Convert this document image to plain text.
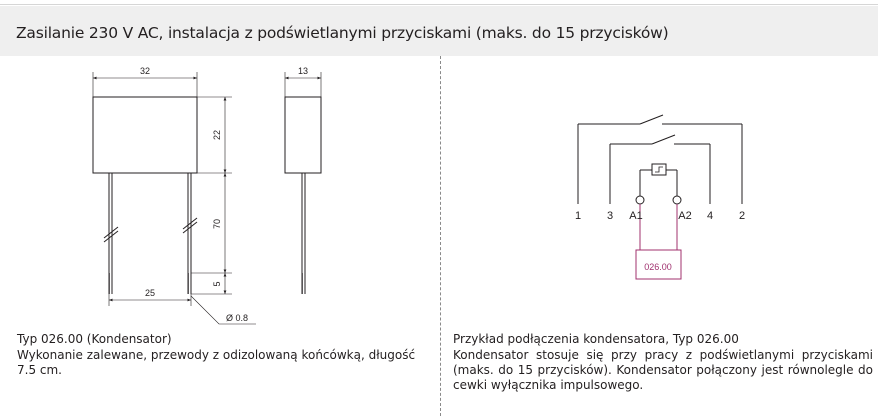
Zasilanie 230 V AC, instalacja z podświetlanymi przyciskami (maks. do 15 przycisków)
32	13
22
70
5
25
Ø 0.8
Typ 026.00 (Kondensator)
Wykonanie zalewane, przewody z odizolowaną końcówką, długość 7.5 cm.
026.00
1 3 A1	A2 4 2
Przykład podłączenia kondensatora, Typ 026.00
Kondensator stosuje się przy pracy z podświetlanymi przyciskami (maks. do 15 przycisków). Kondensator połączony jest równolegle do cewki wyłącznika impulsowego.
